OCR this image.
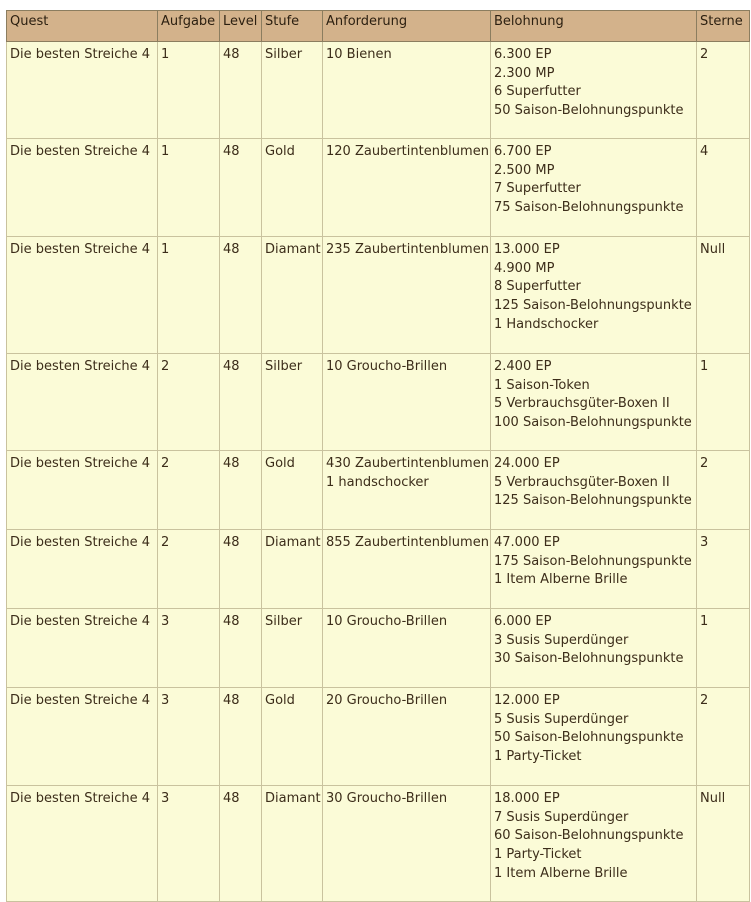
Quest	Aufgabe	Level	Stufe	Anforderung	Belohnung	Sterne
Die besten Streiche 4	1	48	Silber	10 Bienen	6.300 EP
2.300 MP
6 Superfutter
50 Saison-Belohnungspunkte	2
Die besten Streiche 4	1	48	Gold	120 Zaubertintenblumen	6.700 EP
2.500 MP
7 Superfutter
75 Saison-Belohnungspunkte	4
Die besten Streiche 4	1	48	Diamant	235 Zaubertintenblumen	13.000 EP
4.900 MP
8 Superfutter
125 Saison-Belohnungspunkte
1 Handschocker	Null
Die besten Streiche 4	2	48	Silber	10 Groucho-Brillen	2.400 EP
1 Saison-Token
5 Verbrauchsgüter-Boxen II
100 Saison-Belohnungspunkte	1
Die besten Streiche 4	2	48	Gold	430 Zaubertintenblumen
1 handschocker	24.000 EP
5 Verbrauchsgüter-Boxen II
125 Saison-Belohnungspunkte	2
Die besten Streiche 4	2	48	Diamant	855 Zaubertintenblumen	47.000 EP
175 Saison-Belohnungspunkte
1 Item Alberne Brille	3
Die besten Streiche 4	3	48	Silber	10 Groucho-Brillen	6.000 EP
3 Susis Superdünger
30 Saison-Belohnungspunkte	1
Die besten Streiche 4	3	48	Gold	20 Groucho-Brillen	12.000 EP
5 Susis Superdünger
50 Saison-Belohnungspunkte
1 Party-Ticket	2
Die besten Streiche 4	3	48	Diamant	30 Groucho-Brillen	18.000 EP
7 Susis Superdünger
60 Saison-Belohnungspunkte
1 Party-Ticket
1 Item Alberne Brille	Null
